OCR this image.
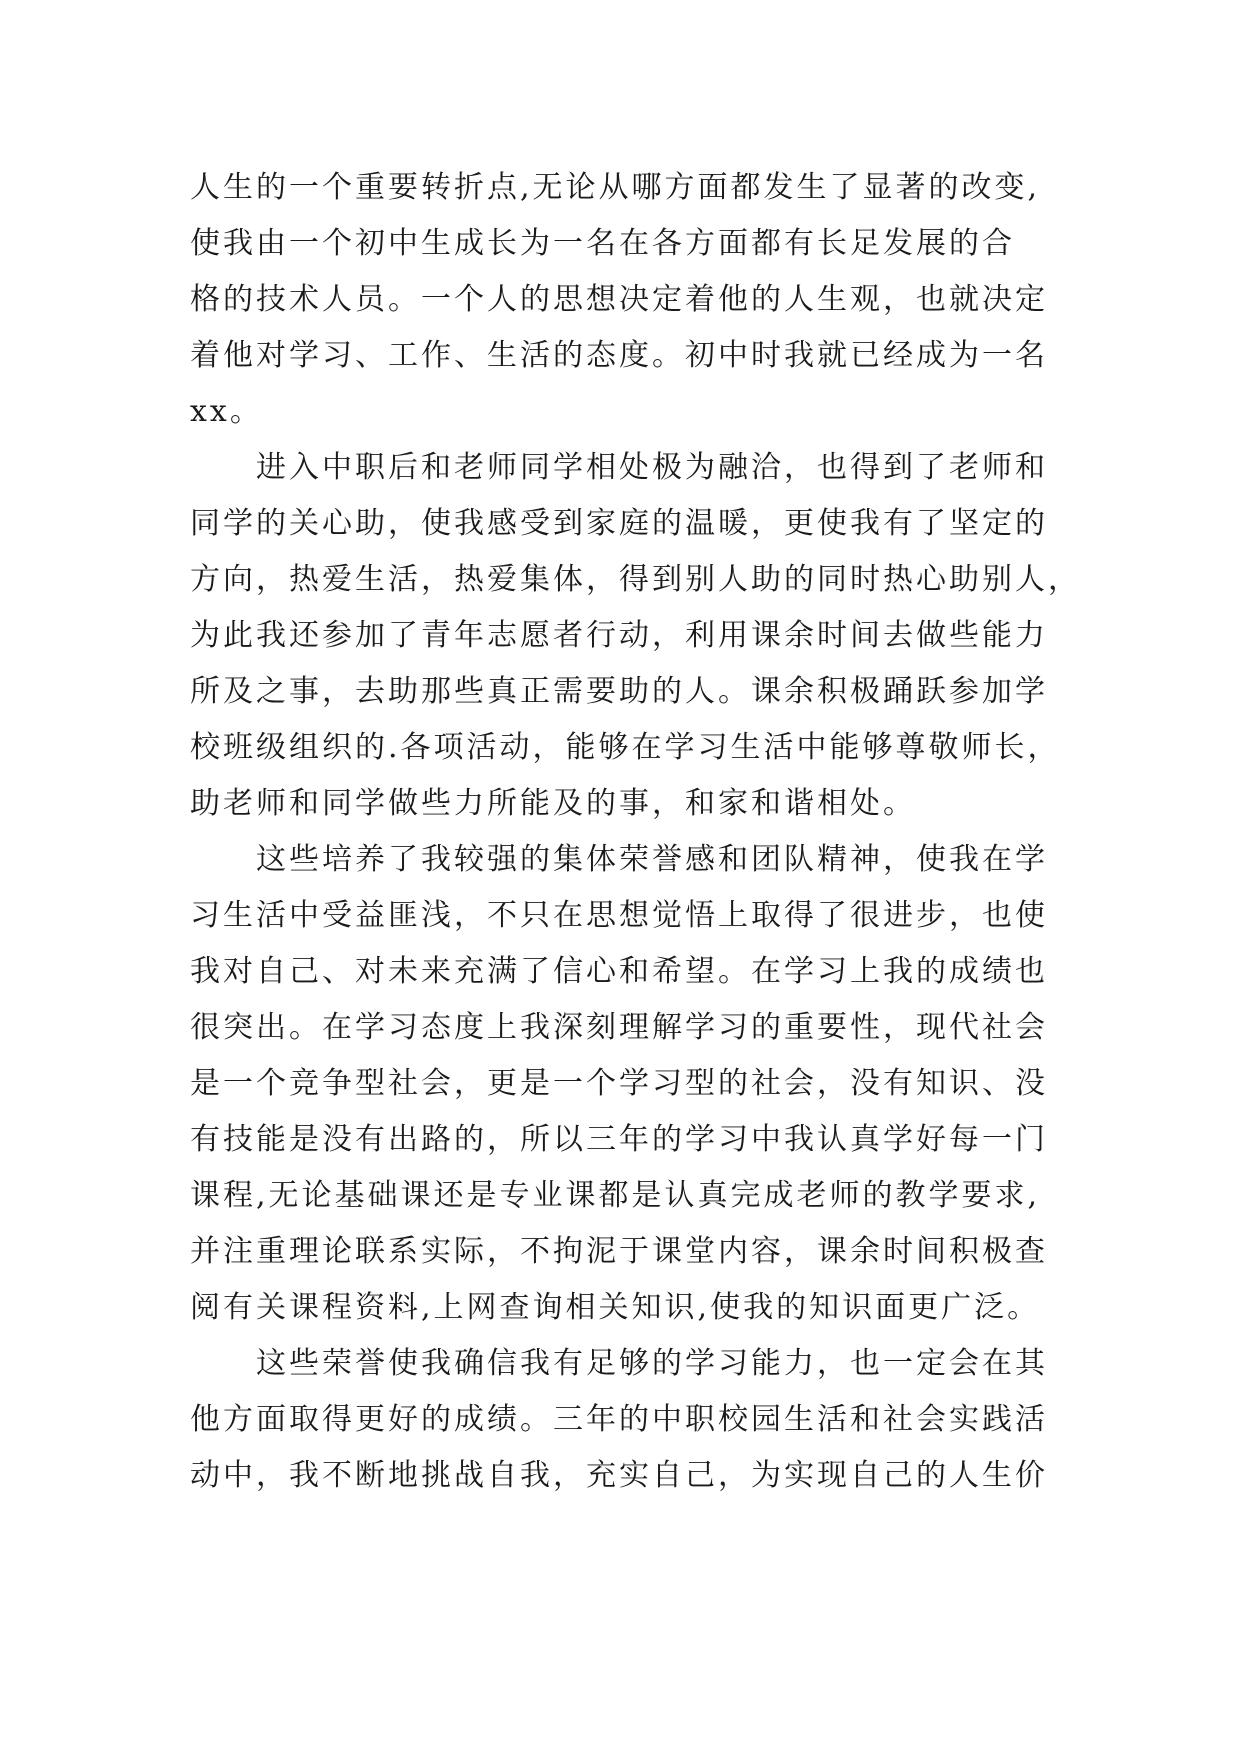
人生的一个重要转折点,无论从哪方面都发生了显著的改变,
使我由一个初中生成长为一名在各方面都有长足发展的合
格的技术人员。一个人的思想决定着他的人生观，也就决定
着他对学习、工作、生活的态度。初中时我就已经成为一名
xx。
　　进入中职后和老师同学相处极为融洽，也得到了老师和
同学的关心助，使我感受到家庭的温暖，更使我有了坚定的
方向，热爱生活，热爱集体，得到别人助的同时热心助别人，
为此我还参加了青年志愿者行动，利用课余时间去做些能力
所及之事，去助那些真正需要助的人。课余积极踊跃参加学
校班级组织的.各项活动，能够在学习生活中能够尊敬师长，
助老师和同学做些力所能及的事，和家和谐相处。
　　这些培养了我较强的集体荣誉感和团队精神，使我在学
习生活中受益匪浅，不只在思想觉悟上取得了很进步，也使
我对自己、对未来充满了信心和希望。在学习上我的成绩也
很突出。在学习态度上我深刻理解学习的重要性，现代社会
是一个竞争型社会，更是一个学习型的社会，没有知识、没
有技能是没有出路的，所以三年的学习中我认真学好每一门
课程,无论基础课还是专业课都是认真完成老师的教学要求,
并注重理论联系实际，不拘泥于课堂内容，课余时间积极查
阅有关课程资料,上网查询相关知识,使我的知识面更广泛。
　　这些荣誉使我确信我有足够的学习能力，也一定会在其
他方面取得更好的成绩。三年的中职校园生活和社会实践活
动中，我不断地挑战自我，充实自己，为实现自己的人生价
